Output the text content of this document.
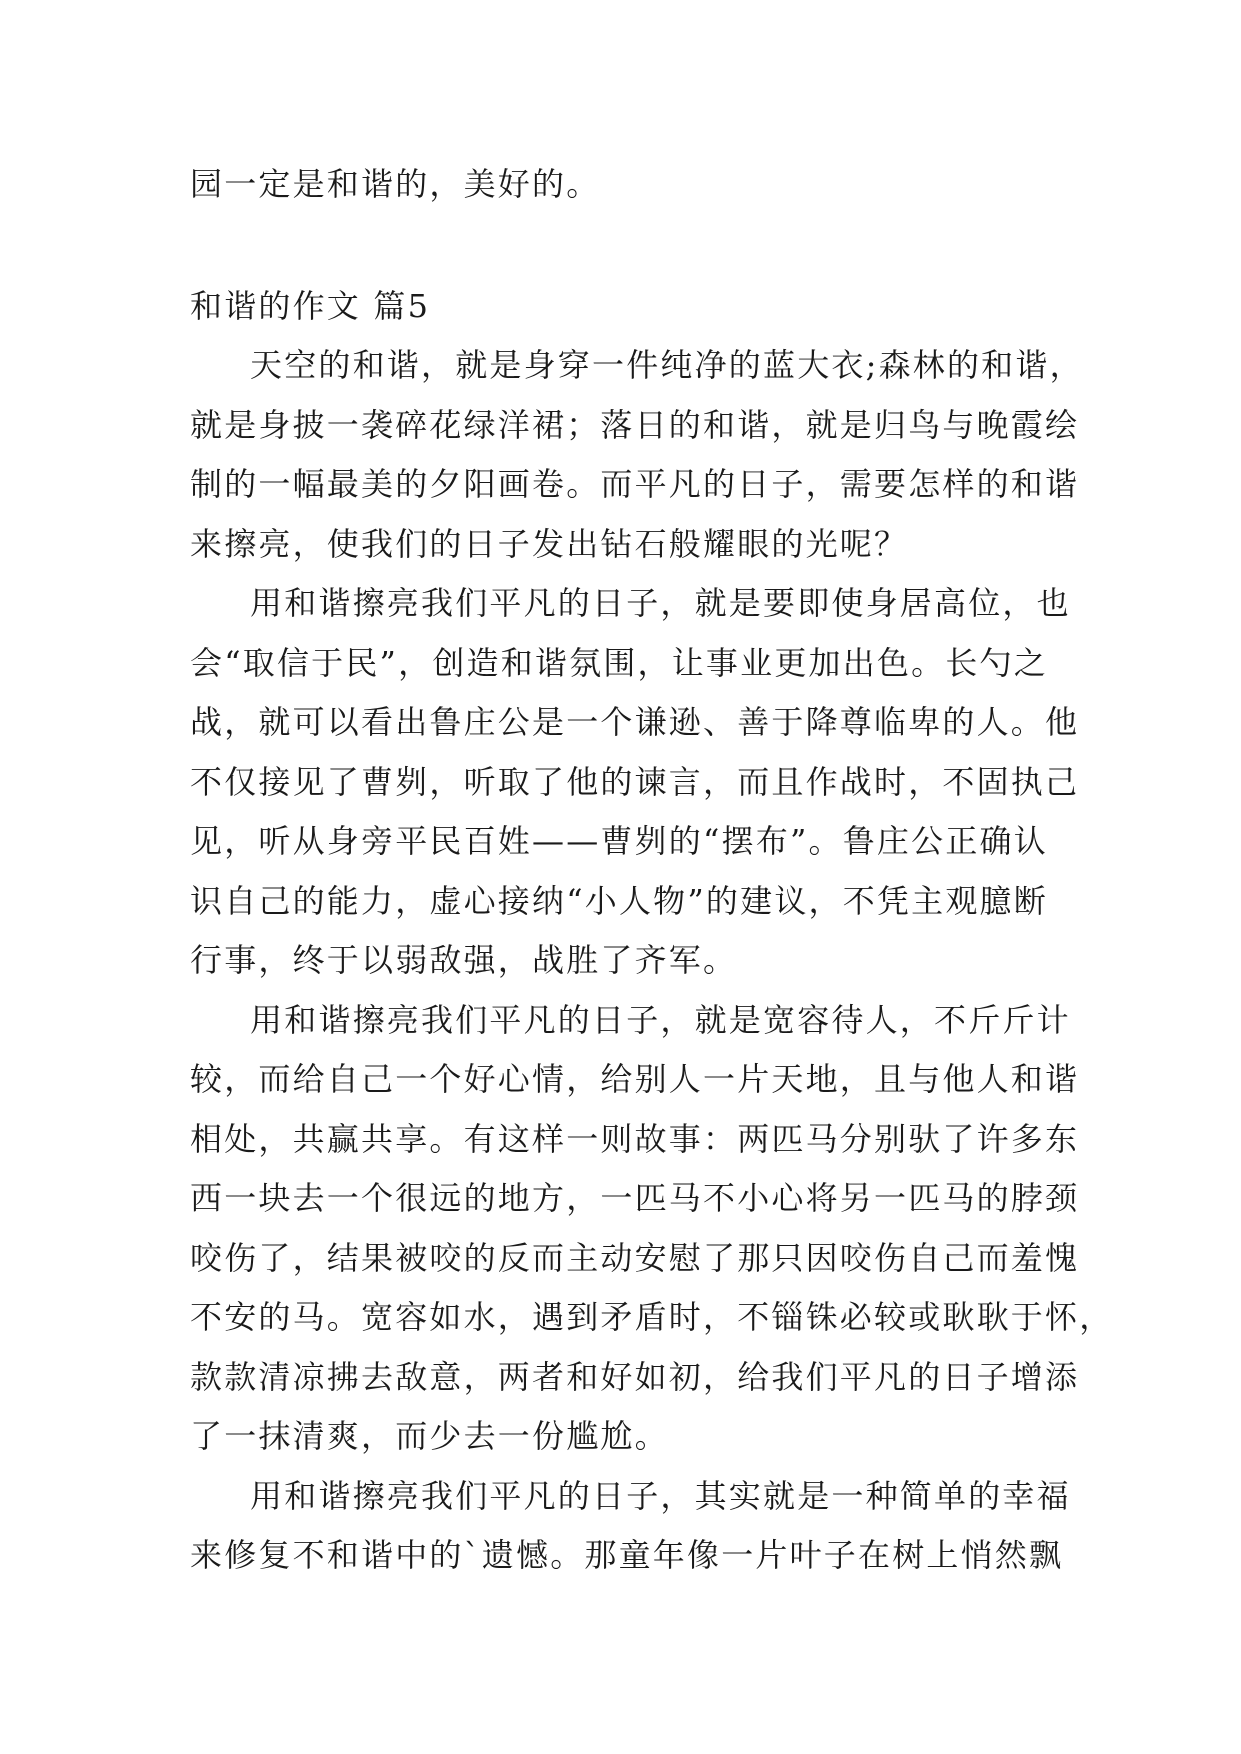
园一定是和谐的，美好的。
和谐的作文 篇5
天空的和谐，就是身穿一件纯净的蓝大衣;森林的和谐，
就是身披一袭碎花绿洋裙；落日的和谐，就是归鸟与晚霞绘
制的一幅最美的夕阳画卷。而平凡的日子，需要怎样的和谐
来擦亮，使我们的日子发出钻石般耀眼的光呢？
用和谐擦亮我们平凡的日子，就是要即使身居高位，也
会“取信于民”，创造和谐氛围，让事业更加出色。长勺之
战，就可以看出鲁庄公是一个谦逊、善于降尊临卑的人。他
不仅接见了曹刿，听取了他的谏言，而且作战时，不固执己
见，听从身旁平民百姓——曹刿的“摆布”。鲁庄公正确认
识自己的能力，虚心接纳“小人物”的建议，不凭主观臆断
行事，终于以弱敌强，战胜了齐军。
用和谐擦亮我们平凡的日子，就是宽容待人，不斤斤计
较，而给自己一个好心情，给别人一片天地，且与他人和谐
相处，共赢共享。有这样一则故事：两匹马分别驮了许多东
西一块去一个很远的地方，一匹马不小心将另一匹马的脖颈
咬伤了，结果被咬的反而主动安慰了那只因咬伤自己而羞愧
不安的马。宽容如水，遇到矛盾时，不锱铢必较或耿耿于怀，
款款清凉拂去敌意，两者和好如初，给我们平凡的日子增添
了一抹清爽，而少去一份尴尬。
用和谐擦亮我们平凡的日子，其实就是一种简单的幸福
来修复不和谐中的`遗憾。那童年像一片叶子在树上悄然飘
